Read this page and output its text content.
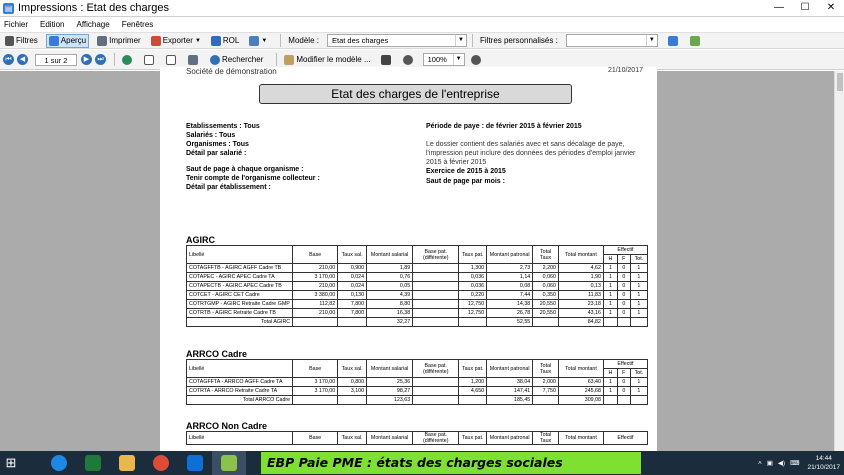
▤ Impressions : Etat des charges	—	☐	✕
Fichier Edition Affichage Fenêtres
Filtres	Aperçu	Imprimer	Exporter ▼	ROL	▼	Modèle : Etat des charges	▼ Filtres personnalisés :	▼
⏮	◀	1 sur 2	▶	⏭	Rechercher	Modifier le modèle ...	100%	▼
Société de démonstration	21/10/2017
Etat des charges de l'entreprise
Etablissements : Tous
Salariés : Tous
Organismes : Tous
Détail par salarié :
Saut de page à chaque organisme :
Tenir compte de l'organisme collecteur :
Détail par établissement :
Période de paye : de février 2015 à février 2015
Le dossier contient des salariés avec et sans décalage de paye, l'impression peut inclure des données des périodes d'emploi janvier 2015 à février 2015
Exercice de 2015 à 2015
Saut de page par mois :
AGIRC
Libellé	Base	Taux sal.	Montant salarial	Base pat. (différente)	Taux pat.	Montant patronal	Total Taux	Total montant	Effectif		
									H	F	Tot.
COTAGFFTB - AGIRC AGFF Cadre TB	210,00	0,900	1,89		1,300	2,73	2,200	4,62	1	0	1
COTAPEC - AGIRC APEC Cadre TA	3 170,00	0,024	0,76		0,036	1,14	0,060	1,90	1	0	1
COTAPECTB - AGIRC APEC Cadre TB	210,00	0,024	0,05		0,036	0,08	0,060	0,13	1	0	1
COTCET - AGIRC CET Cadre	3 380,00	0,130	4,39		0,220	7,44	0,350	11,83	1	0	1
COTRTGMP - AGIRC Retraite Cadre GMP	112,82	7,800	8,80		12,750	14,38	20,550	23,18	1	0	1
COTRTB - AGIRC Retraite Cadre TB	210,00	7,800	16,38		12,750	26,78	20,550	43,16	1	0	1
Total AGIRC			32,27			52,55		84,82			
ARRCO Cadre
Libellé	Base	Taux sal.	Montant salarial	Base pat. (différente)	Taux pat.	Montant patronal	Total Taux	Total montant	Effectif		
									H	F	Tot.
COTAGFFTA - ARRCO AGFF Cadre TA	3 170,00	0,800	25,36		1,200	38,04	2,000	63,40	1	0	1
COTRTA - ARRCO Retraite Cadre TA	3 170,00	3,100	98,27		4,650	147,41	7,750	245,68	1	0	1
Total ARRCO Cadre			123,63			185,45		309,08			
ARRCO Non Cadre
Libellé	Base	Taux sal.	Montant salarial	Base pat. (différente)	Taux pat.	Montant patronal	Total Taux	Total montant	Effectif
⊞	EBP Paie PME : états des charges sociales	˄ ▣ ◀) ⌨
14:44
21/10/2017
